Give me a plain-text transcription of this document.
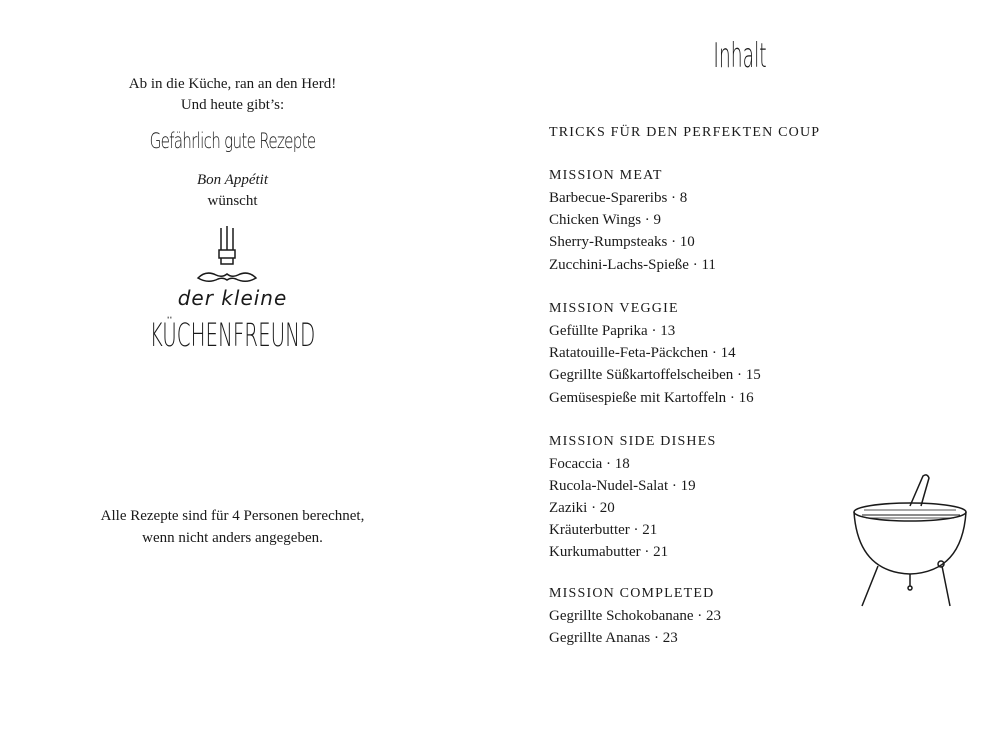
Ab in die Küche, ran an den Herd!
Und heute gibt’s:
Gefährlich gute Rezepte
Bon Appétit
wünscht
der kleine
KÜCHENFREUND
Alle Rezepte sind für 4 Personen berechnet,
wenn nicht anders angegeben.
Inhalt
TRICKS FÜR DEN PERFEKTEN COUP
MISSION MEAT
Barbecue-Spareribs · 8
Chicken Wings · 9
Sherry-Rumpsteaks · 10
Zucchini-Lachs-Spieße · 11
MISSION VEGGIE
Gefüllte Paprika · 13
Ratatouille-Feta-Päckchen · 14
Gegrillte Süßkartoffelscheiben · 15
Gemüsespieße mit Kartoffeln · 16
MISSION SIDE DISHES
Focaccia · 18
Rucola-Nudel-Salat · 19
Zaziki · 20
Kräuterbutter · 21
Kurkumabutter · 21
MISSION COMPLETED
Gegrillte Schokobanane · 23
Gegrillte Ananas · 23
